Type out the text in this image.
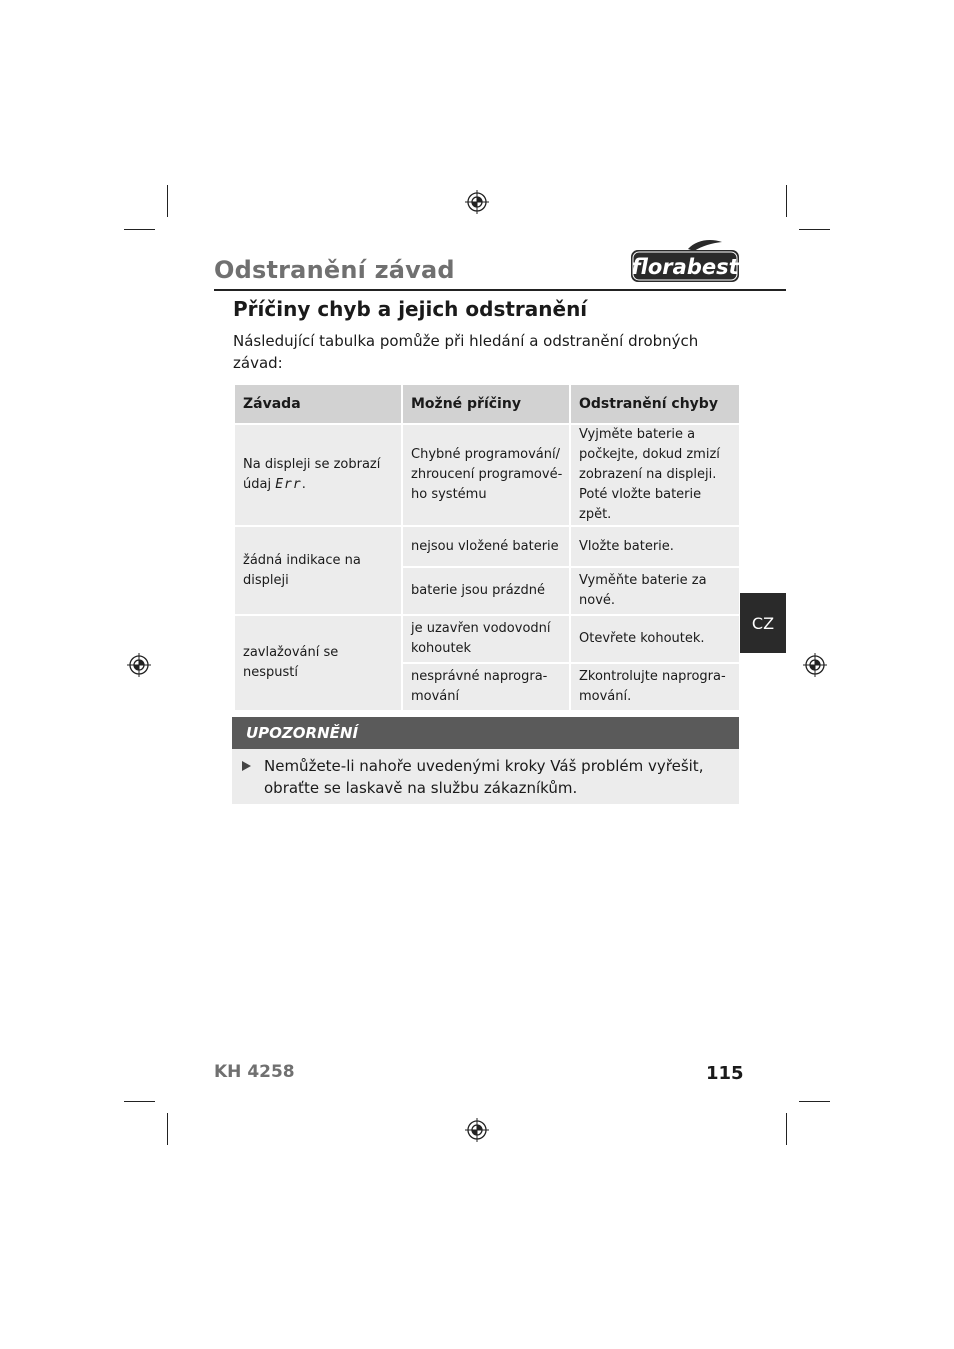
Odstranění závad	florabest
Příčiny chyb a jejich odstranění
Následující tabulka pomůže při hledání a odstranění drobných závad:
Závada	Možné příčiny	Odstranění chyby
Na displeji se zobrazí údaj Err.	Chybné programování/ zhroucení programové-ho systému	Vyjměte baterie a počkejte, dokud zmizí zobrazení na displeji. Poté vložte baterie zpět.
žádná indikace na displeji	nejsou vložené baterie	Vložte baterie.
	baterie jsou prázdné	Vyměňte baterie za nové.
zavlažování se nespustí	je uzavřen vodovodní kohoutek	Otevřete kohoutek.
	nesprávné naprogra-mování	Zkontrolujte naprogra-mování.
UPOZORNĚNÍ
Nemůžete-li nahoře uvedenými kroky Váš problém vyřešit, obraťte se laskavě na službu zákazníkům.
CZ
KH 4258	115
